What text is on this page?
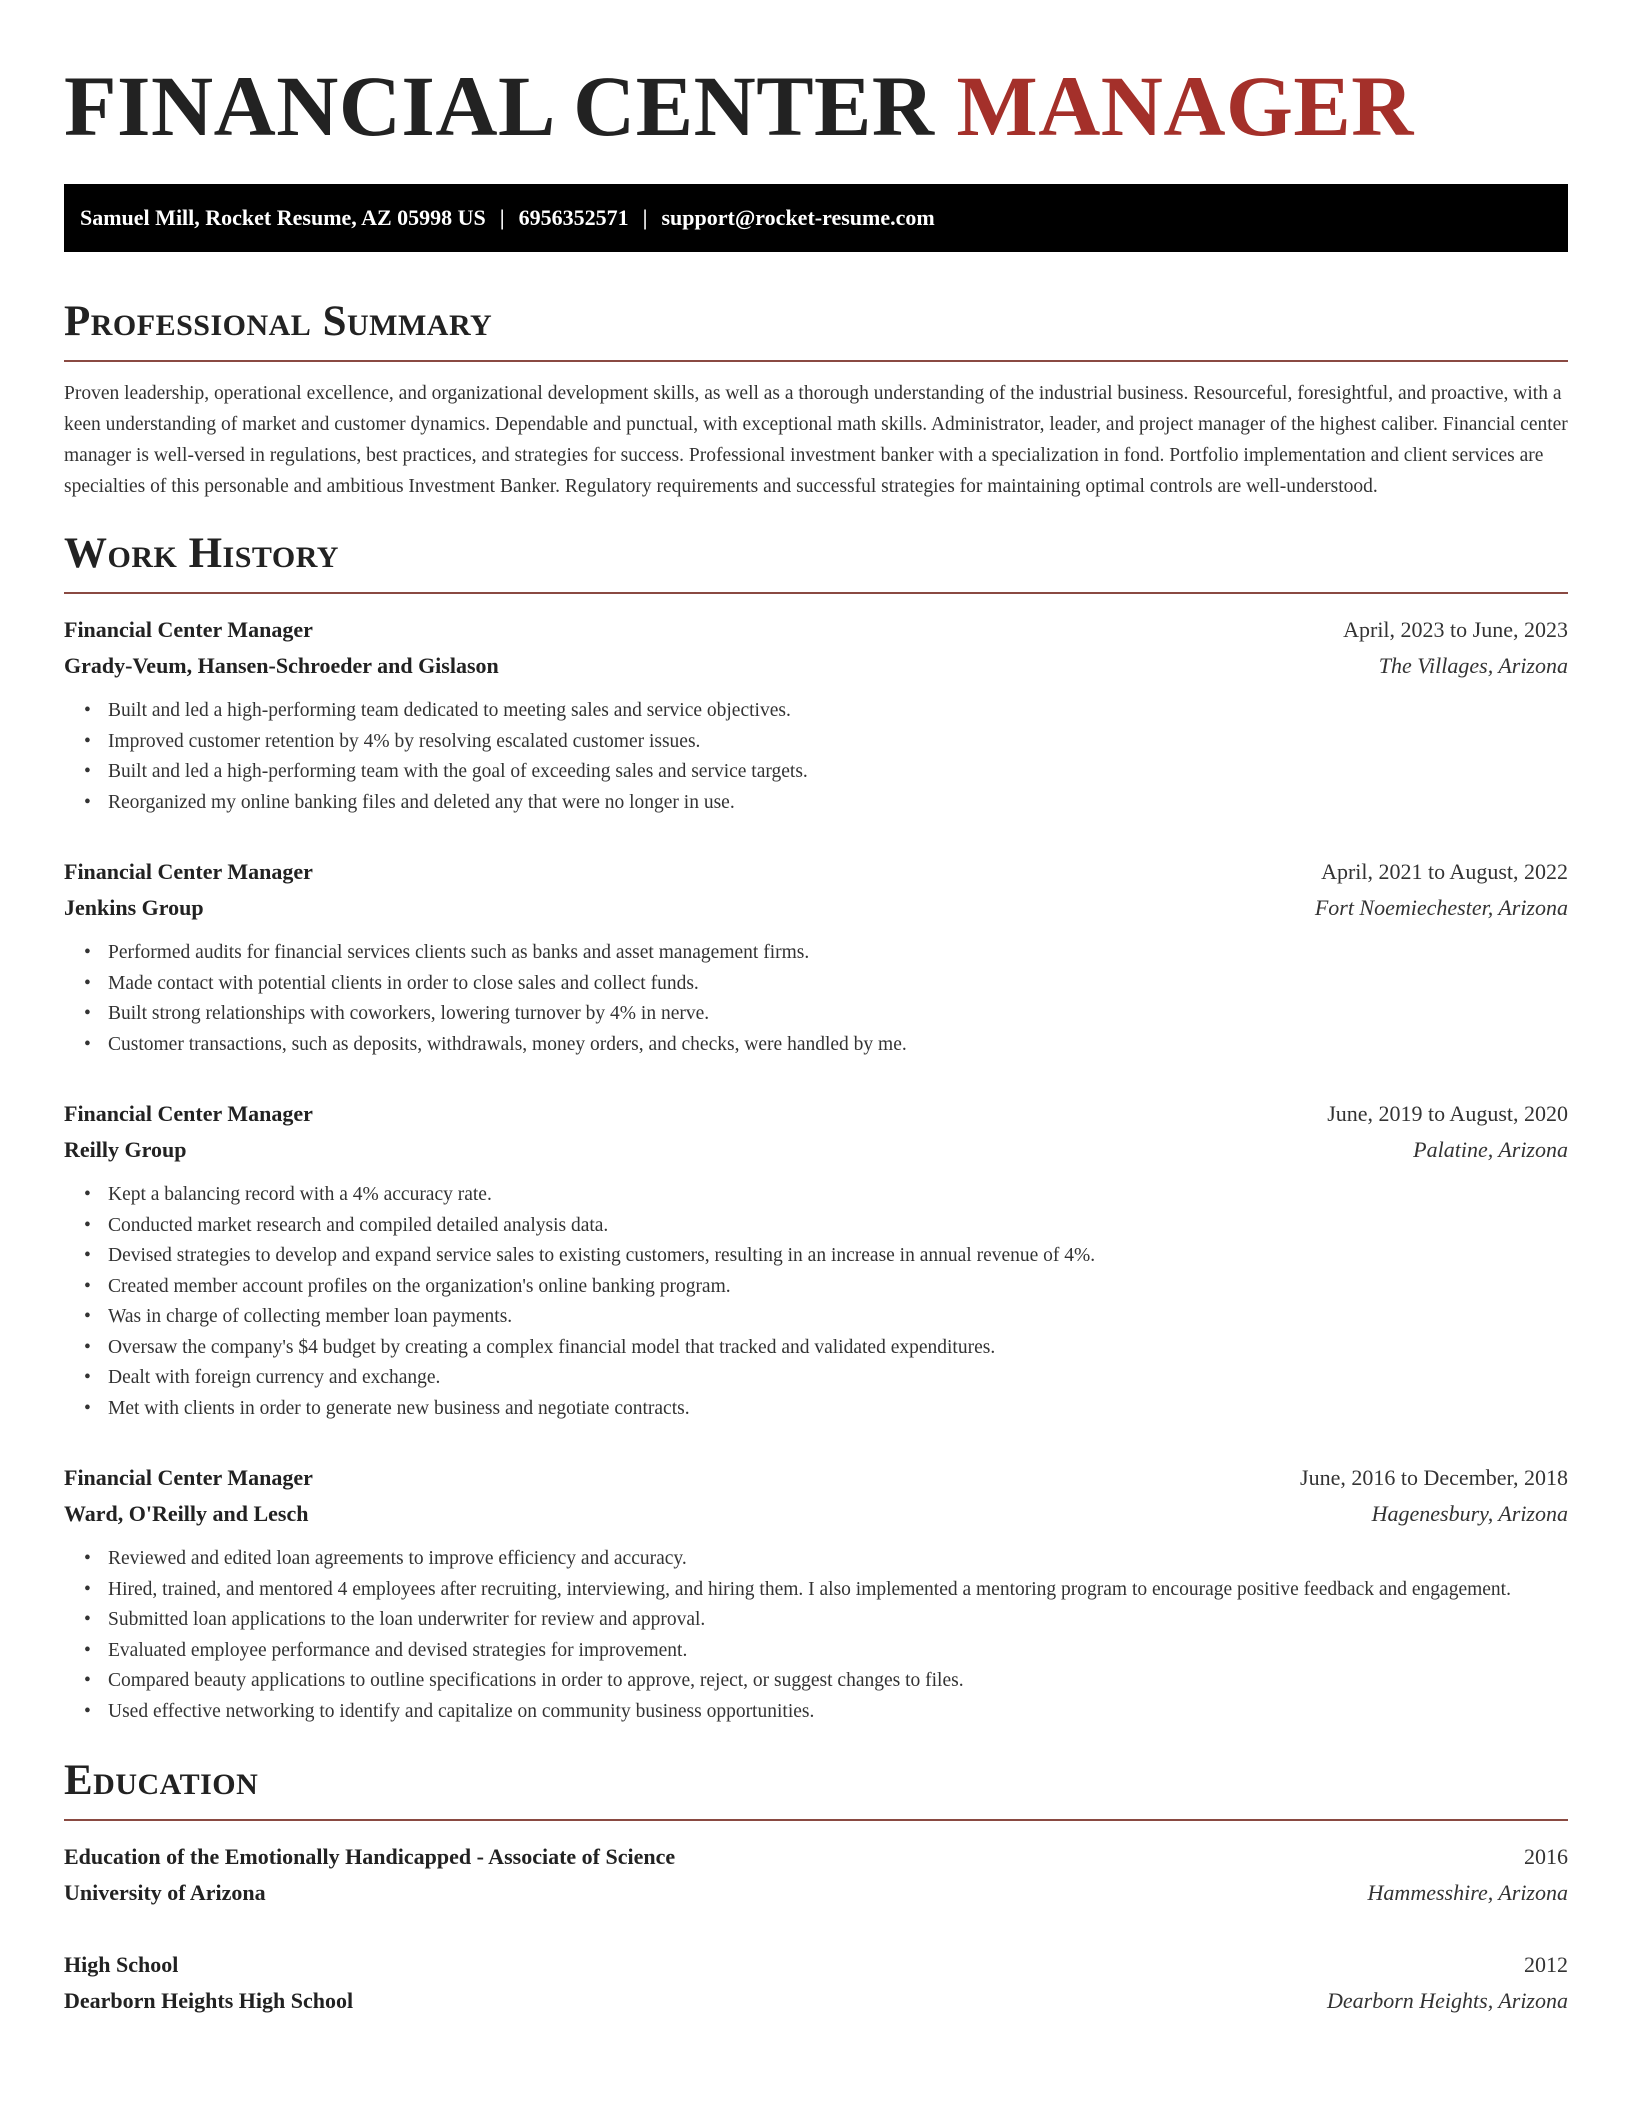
FINANCIAL CENTER MANAGER
Samuel Mill, Rocket Resume, AZ 05998 US | 6956352571 | support@rocket-resume.com
Professional Summary

Proven leadership, operational excellence, and organizational development skills, as well as a thorough understanding of the industrial business. Resourceful, foresightful, and proactive, with a keen understanding of market and customer dynamics. Dependable and punctual, with exceptional math skills. Administrator, leader, and project manager of the highest caliber. Financial center manager is well-versed in regulations, best practices, and strategies for success. Professional investment banker with a specialization in fond. Portfolio implementation and client services are specialties of this personable and ambitious Investment Banker. Regulatory requirements and successful strategies for maintaining optimal controls are well-understood.

Work History
Financial Center Manager	April, 2023 to June, 2023
Grady-Veum, Hansen-Schroeder and Gislason	The Villages, Arizona
• Built and led a high-performing team dedicated to meeting sales and service objectives.
• Improved customer retention by 4% by resolving escalated customer issues.
• Built and led a high-performing team with the goal of exceeding sales and service targets.
• Reorganized my online banking files and deleted any that were no longer in use.
Financial Center Manager	April, 2021 to August, 2022
Jenkins Group	Fort Noemiechester, Arizona
• Performed audits for financial services clients such as banks and asset management firms.
• Made contact with potential clients in order to close sales and collect funds.
• Built strong relationships with coworkers, lowering turnover by 4% in nerve.
• Customer transactions, such as deposits, withdrawals, money orders, and checks, were handled by me.
Financial Center Manager	June, 2019 to August, 2020
Reilly Group	Palatine, Arizona
• Kept a balancing record with a 4% accuracy rate.
• Conducted market research and compiled detailed analysis data.
• Devised strategies to develop and expand service sales to existing customers, resulting in an increase in annual revenue of 4%.
• Created member account profiles on the organization's online banking program.
• Was in charge of collecting member loan payments.
• Oversaw the company's $4 budget by creating a complex financial model that tracked and validated expenditures.
• Dealt with foreign currency and exchange.
• Met with clients in order to generate new business and negotiate contracts.
Financial Center Manager	June, 2016 to December, 2018
Ward, O'Reilly and Lesch	Hagenesbury, Arizona
• Reviewed and edited loan agreements to improve efficiency and accuracy.
• Hired, trained, and mentored 4 employees after recruiting, interviewing, and hiring them. I also implemented a mentoring program to encourage positive feedback and engagement.
• Submitted loan applications to the loan underwriter for review and approval.
• Evaluated employee performance and devised strategies for improvement.
• Compared beauty applications to outline specifications in order to approve, reject, or suggest changes to files.
• Used effective networking to identify and capitalize on community business opportunities.
Education
Education of the Emotionally Handicapped - Associate of Science	2016
University of Arizona	Hammesshire, Arizona
High School	2012
Dearborn Heights High School	Dearborn Heights, Arizona
